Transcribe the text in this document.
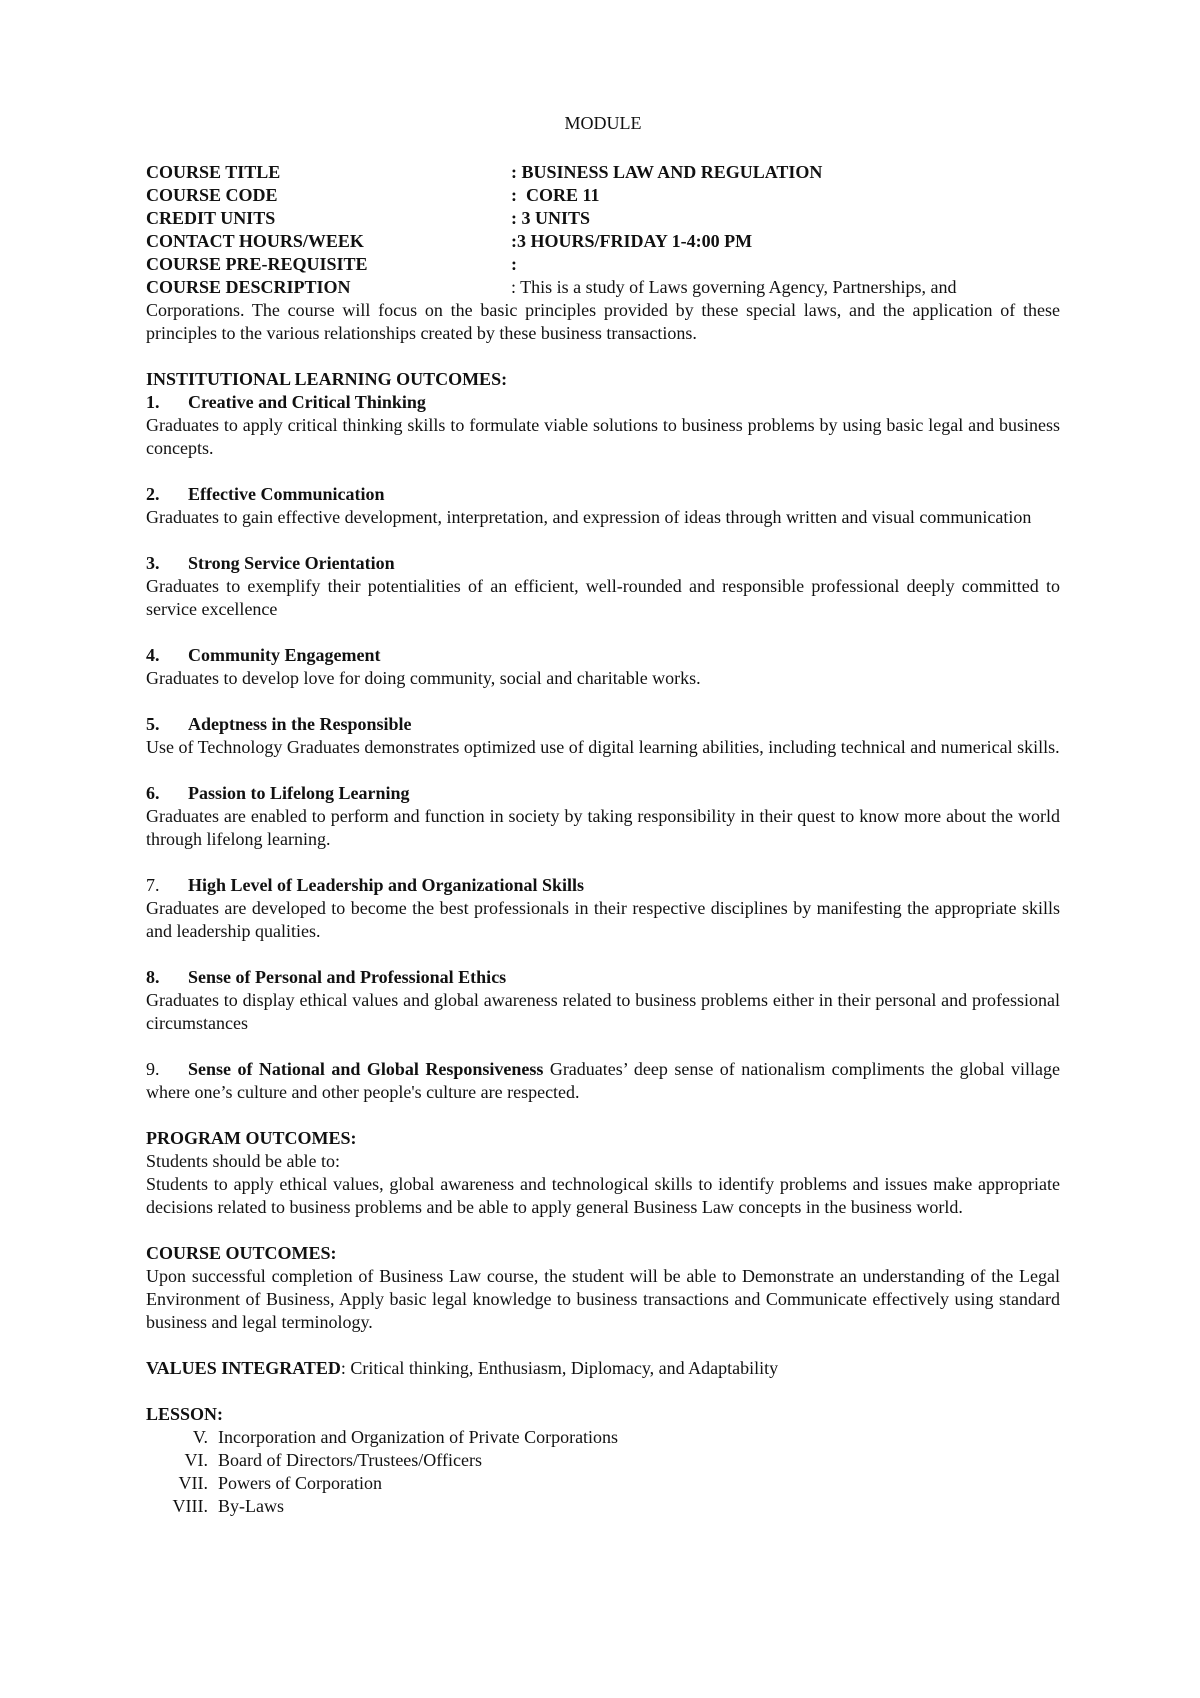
MODULE
COURSE TITLE	: BUSINESS LAW AND REGULATION
COURSE CODE	:  CORE 11
CREDIT UNITS	: 3 UNITS
CONTACT HOURS/WEEK	:3 HOURS/FRIDAY 1-4:00 PM
COURSE PRE-REQUISITE	:
COURSE DESCRIPTION	: This is a study of Laws governing Agency, Partnerships, and
Corporations. The course will focus on the basic principles provided by these special laws, and the application of these principles to the various relationships created by these business transactions.
INSTITUTIONAL LEARNING OUTCOMES:
1.	Creative and Critical Thinking
Graduates to apply critical thinking skills to formulate viable solutions to business problems by using basic legal and business concepts.
2.	Effective Communication
Graduates to gain effective development, interpretation, and expression of ideas through written and visual communication
3.	Strong Service Orientation
Graduates to exemplify their potentialities of an efficient, well-rounded and responsible professional deeply committed to service excellence
4.	Community Engagement
Graduates to develop love for doing community, social and charitable works.
5.	Adeptness in the Responsible
Use of Technology Graduates demonstrates optimized use of digital learning abilities, including technical and numerical skills.
6.	Passion to Lifelong Learning
Graduates are enabled to perform and function in society by taking responsibility in their quest to know more about the world through lifelong learning.
7.	High Level of Leadership and Organizational Skills
Graduates are developed to become the best professionals in their respective disciplines by manifesting the appropriate skills and leadership qualities.
8.	Sense of Personal and Professional Ethics
Graduates to display ethical values and global awareness related to business problems either in their personal and professional circumstances
9. Sense of National and Global Responsiveness Graduates’ deep sense of nationalism compliments the global village where one’s culture and other people's culture are respected.
PROGRAM OUTCOMES:
Students should be able to:
Students to apply ethical values, global awareness and technological skills to identify problems and issues make appropriate decisions related to business problems and be able to apply general Business Law concepts in the business world.
COURSE OUTCOMES:
Upon successful completion of Business Law course, the student will be able to Demonstrate an understanding of the Legal Environment of Business, Apply basic legal knowledge to business transactions and Communicate effectively using standard business and legal terminology.
VALUES INTEGRATED: Critical thinking, Enthusiasm, Diplomacy, and Adaptability
LESSON:
V. Incorporation and Organization of Private Corporations
VI. Board of Directors/Trustees/Officers
VII. Powers of Corporation
VIII. By-Laws
